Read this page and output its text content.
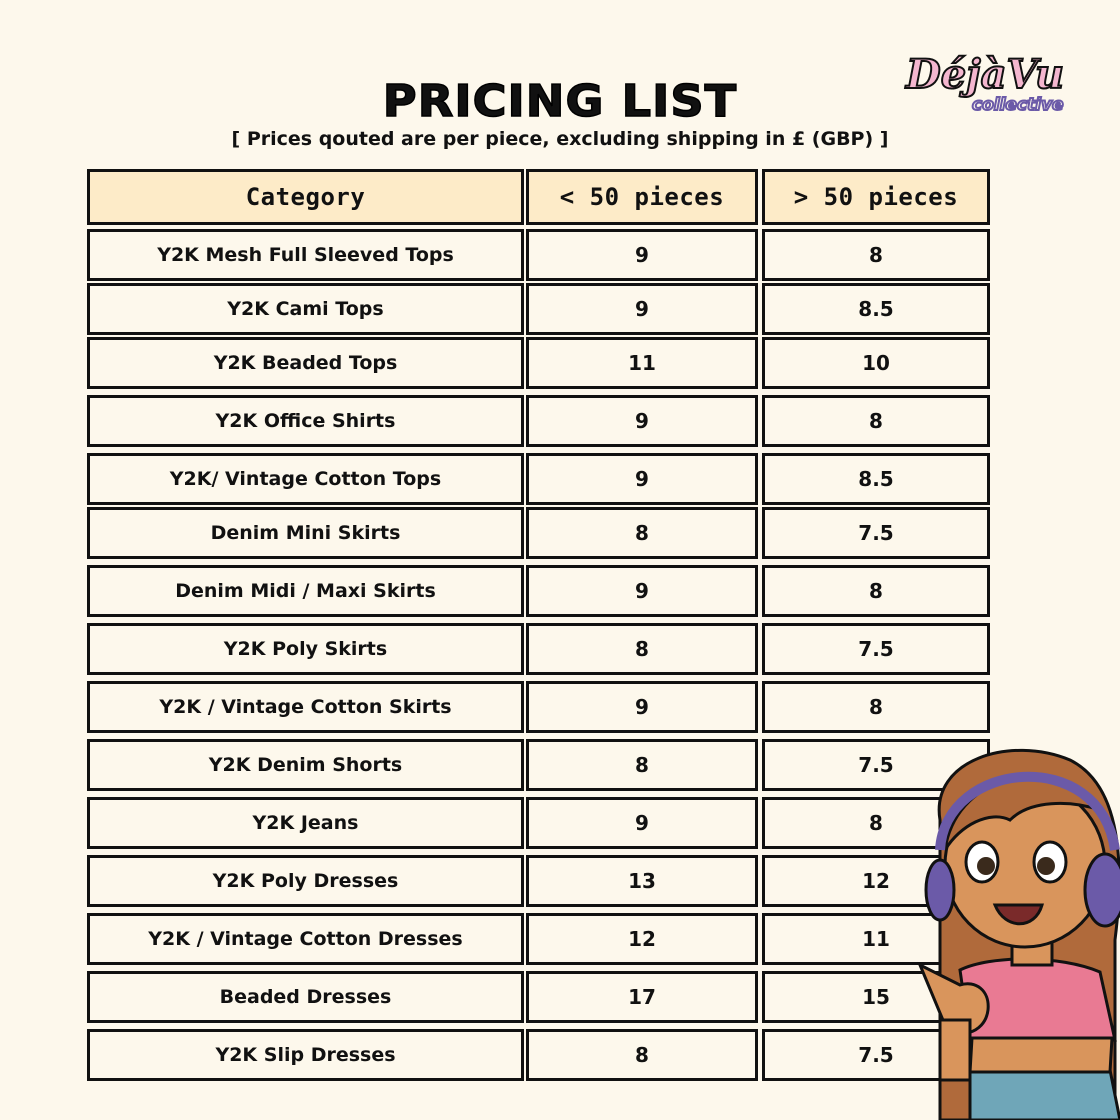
PRICING LIST
[ Prices qouted are per piece, excluding shipping in £ (GBP) ]
DéjàVu
collective
Category	< 50 pieces	> 50 pieces
Y2K Mesh Full Sleeved Tops	9	8
Y2K Cami Tops	9	8.5
Y2K Beaded Tops	11	10
Y2K Office Shirts	9	8
Y2K/ Vintage Cotton Tops	9	8.5
Denim Mini Skirts	8	7.5
Denim Midi / Maxi Skirts	9	8
Y2K Poly Skirts	8	7.5
Y2K / Vintage Cotton Skirts	9	8
Y2K Denim Shorts	8	7.5
Y2K Jeans	9	8
Y2K Poly Dresses	13	12
Y2K / Vintage Cotton Dresses	12	11
Beaded Dresses	17	15
Y2K Slip Dresses	8	7.5
